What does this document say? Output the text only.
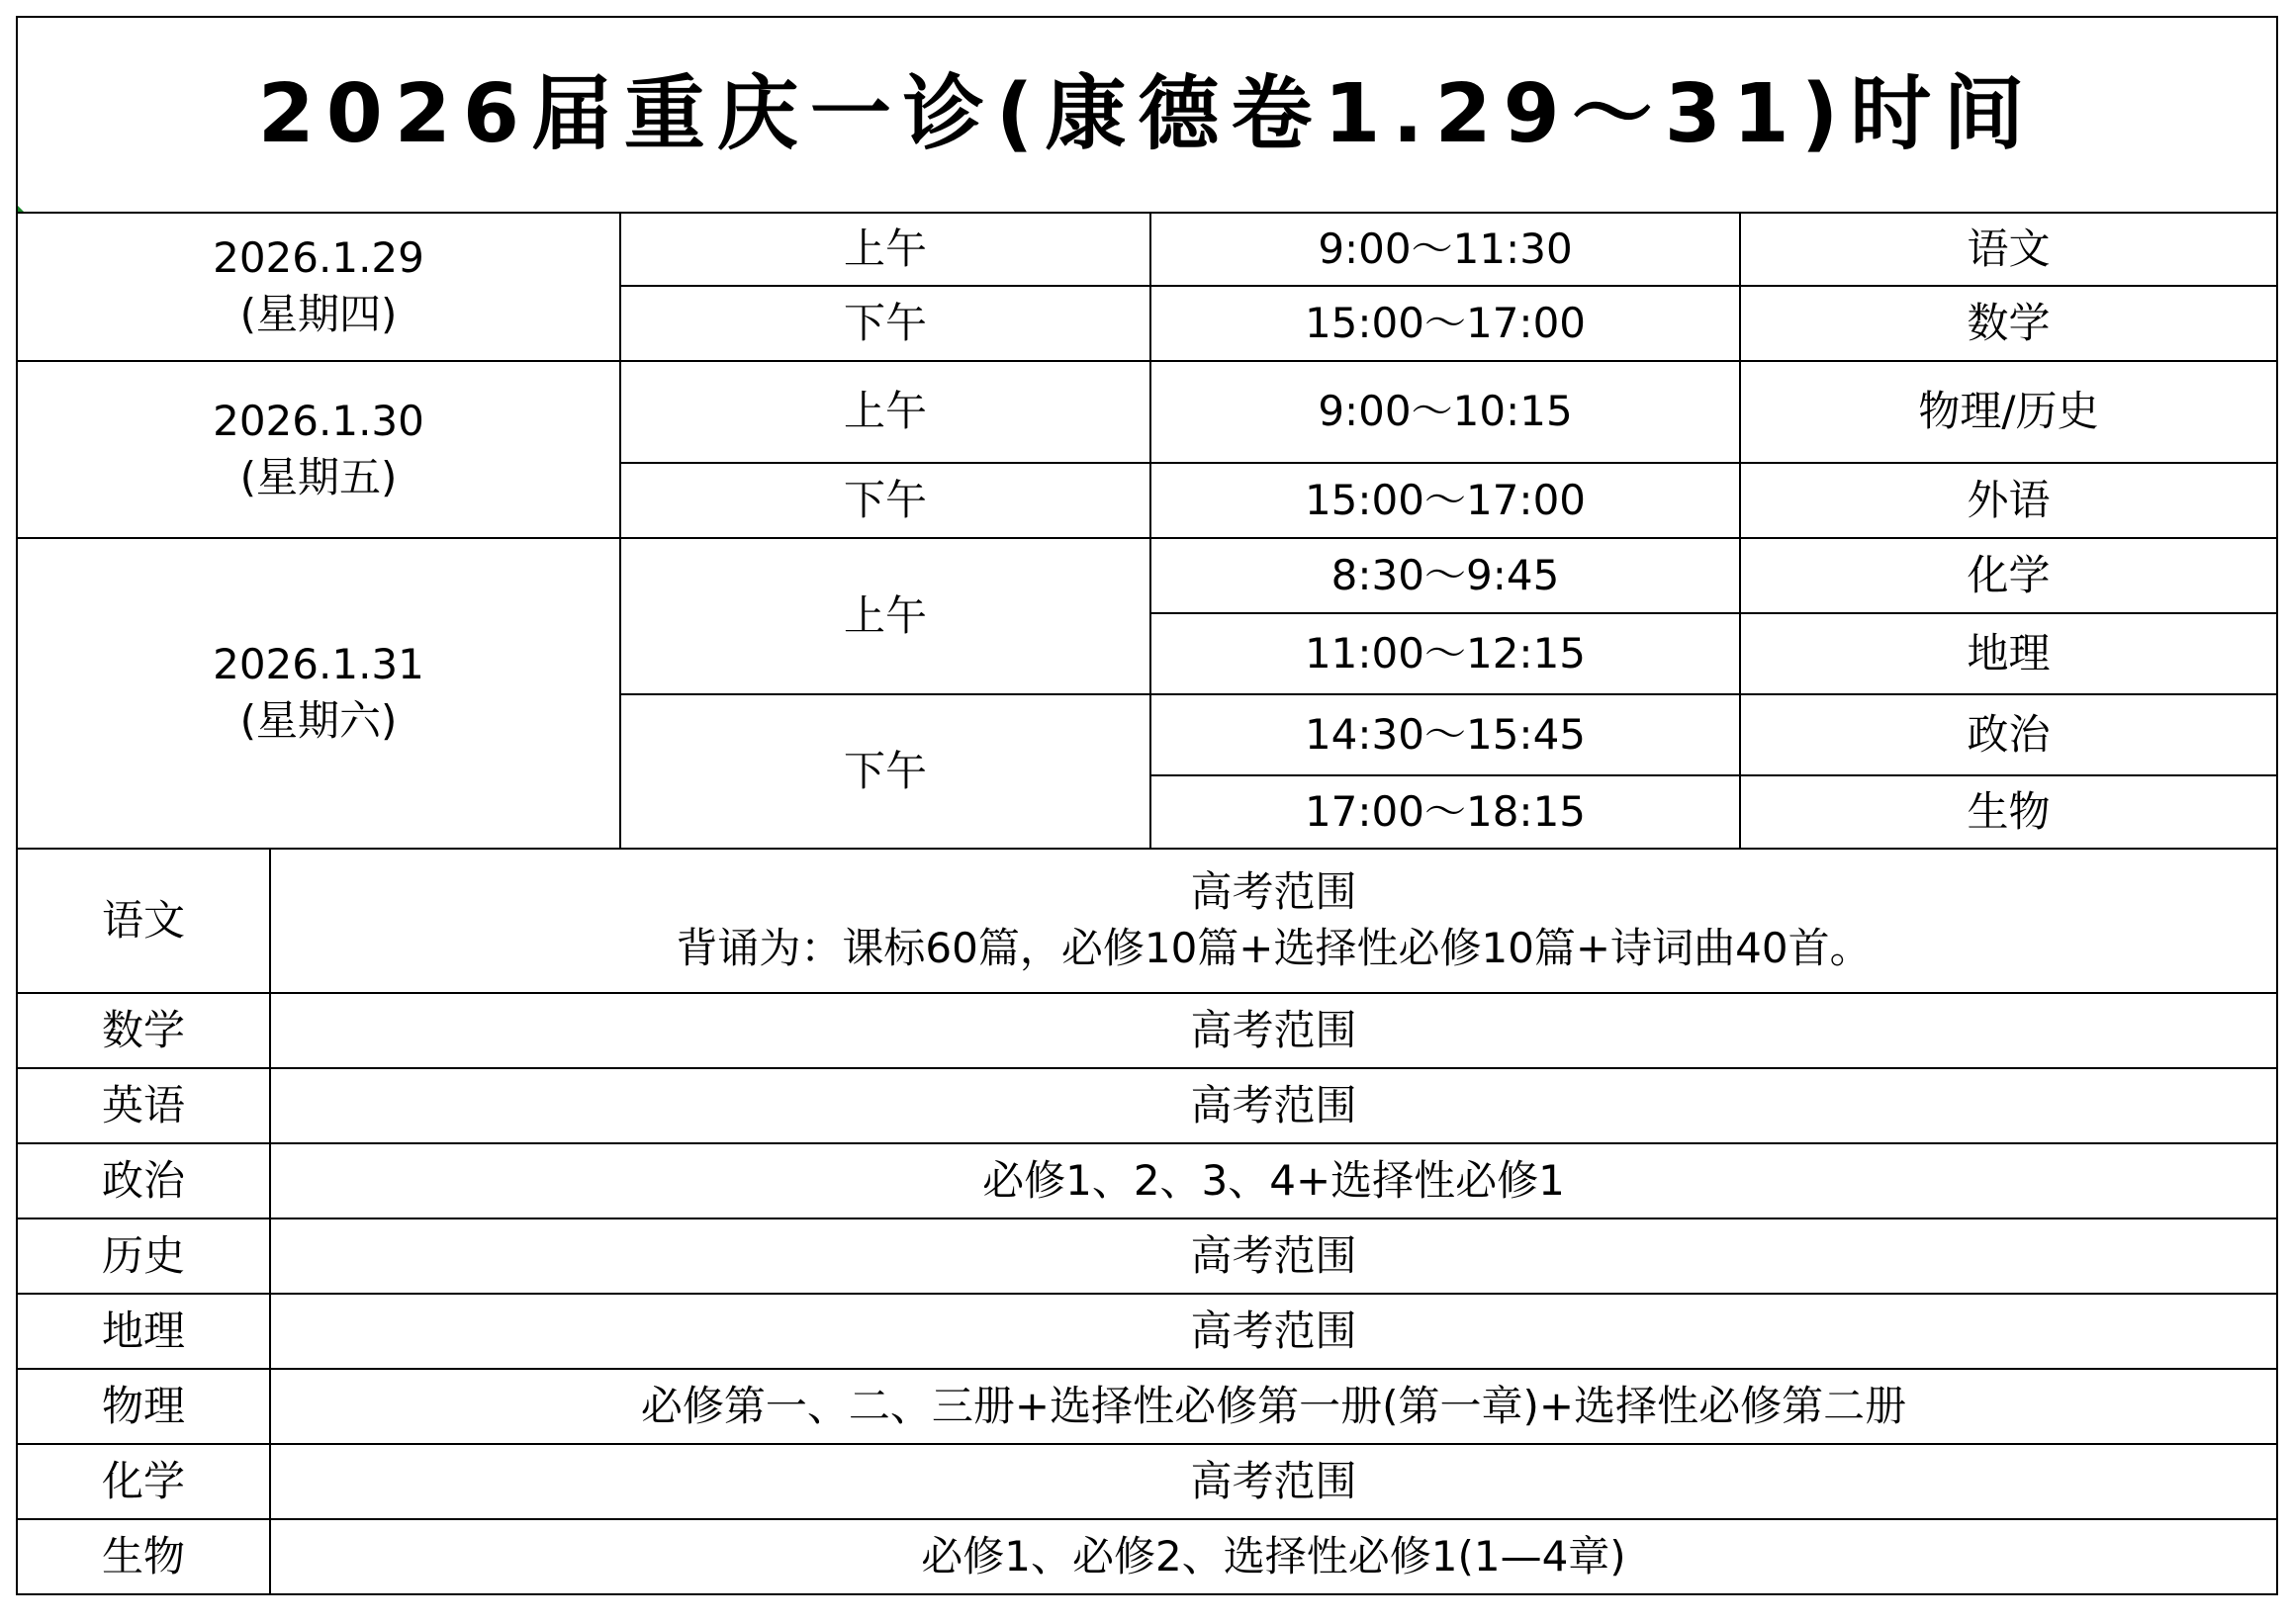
2026届重庆一诊(康德卷1.29～31)时间				

2026.1.29
(星期四)		上午	9:00～11:30	语文
		下午	15:00～17:00	数学

2026.1.30
(星期五)		上午	9:00～10:15	物理/历史
		下午	15:00～17:00	外语

2026.1.31
(星期六)		上午	8:30～9:45	化学
			11:00～12:15	地理
		下午	14:30～15:45	政治
			17:00～18:15	生物
语文	高考范围
背诵为：课标60篇，必修10篇+选择性必修10篇+诗词曲40首。			

数学	高考范围			
英语	高考范围			
政治	必修1、2、3、4+选择性必修1			
历史	高考范围			
地理	高考范围			
物理	必修第一、二、三册+选择性必修第一册(第一章)+选择性必修第二册			
化学	高考范围			
生物	必修1、必修2、选择性必修1(1—4章)			
